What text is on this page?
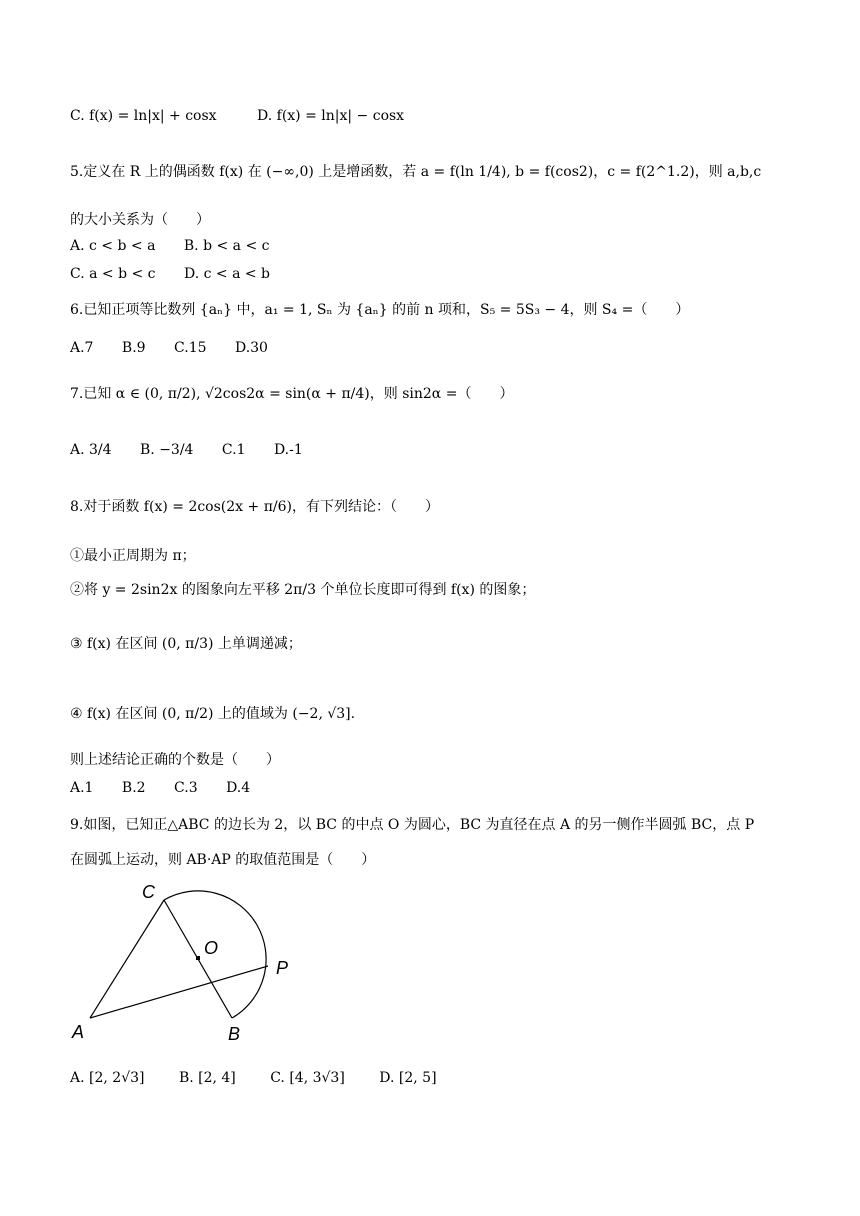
C. f(x) = ln|x| + cosx	D. f(x) = ln|x| − cosx
5.定义在 R 上的偶函数 f(x) 在 (−∞,0) 上是增函数，若 a = f(ln 1/4), b = f(cos2)，c = f(2^1.2)，则 a,b,c
的大小关系为（　　）
A. c < b < a B. b < a < c
C. a < b < c D. c < a < b
6.已知正项等比数列 {aₙ} 中，a₁ = 1, Sₙ 为 {aₙ} 的前 n 项和，S₅ = 5S₃ − 4，则 S₄ =（　　）
A.7 B.9 C.15 D.30
7.已知 α ∈ (0, π/2), √2cos2α = sin(α + π/4)，则 sin2α =（　　）
A. 3/4 B. −3/4 C.1 D.-1
8.对于函数 f(x) = 2cos(2x + π/6)，有下列结论：（　　）
①最小正周期为 π；
②将 y = 2sin2x 的图象向左平移 2π/3 个单位长度即可得到 f(x) 的图象；
③ f(x) 在区间 (0, π/3) 上单调递减；
④ f(x) 在区间 (0, π/2) 上的值域为 (−2, √3].
则上述结论正确的个数是（　　）
A.1 B.2 C.3 D.4
9.如图，已知正△ABC 的边长为 2，以 BC 的中点 O 为圆心，BC 为直径在点 A 的另一侧作半圆弧 BC，点 P
在圆弧上运动，则 AB·AP 的取值范围是（　　）
C
O
P
A	B
A. [2, 2√3] B. [2, 4] C. [4, 3√3] D. [2, 5]
